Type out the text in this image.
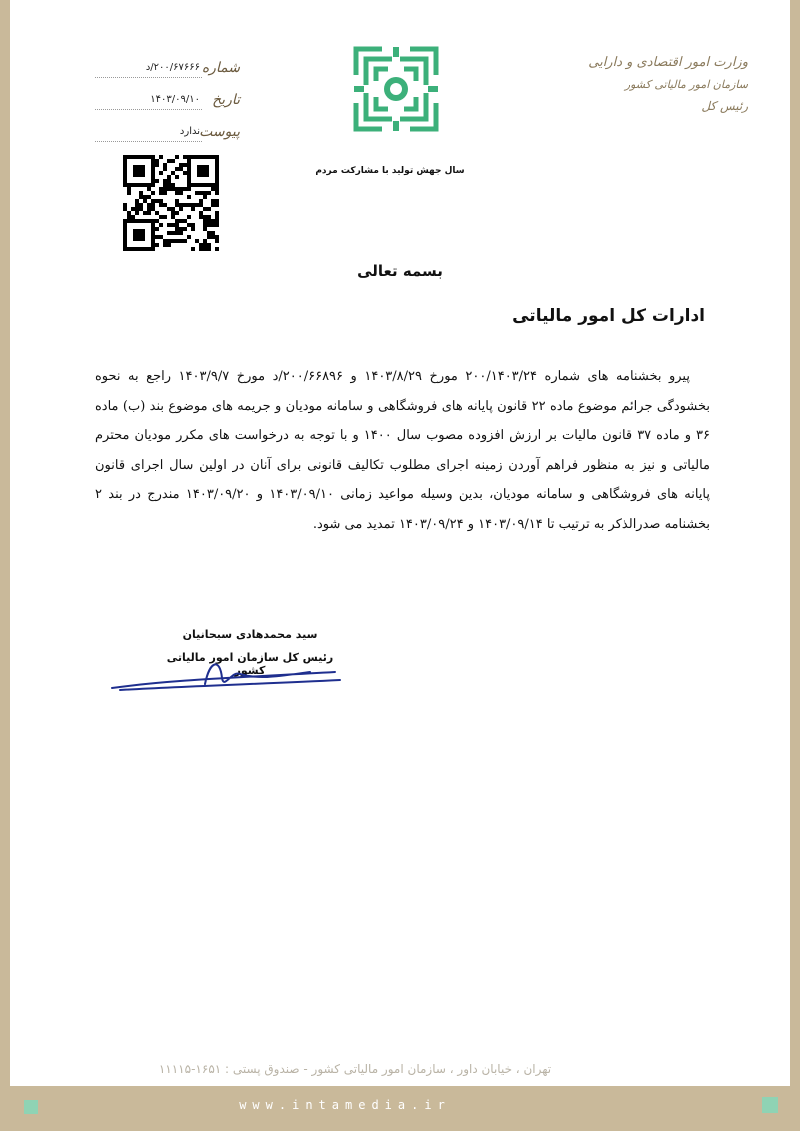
شماره
۲۰۰/۶۷۶۶۶/د
تاریخ
۱۴۰۳/۰۹/۱۰
پیوست
ندارد
سال جهش تولید با مشارکت مردم
وزارت امور اقتصادی و دارایی
سازمان امور مالیاتی کشور
رئیس کل
بسمه تعالی
ادارات کل امور مالیاتی

پیرو بخشنامه های شماره ۲۰۰/۱۴۰۳/۲۴ مورخ ۱۴۰۳/۸/۲۹ و ۲۰۰/۶۶۸۹۶/د مورخ ۱۴۰۳/۹/۷ راجع به نحوه بخشودگی جرائم موضوع ماده ۲۲ قانون پایانه های فروشگاهی و سامانه مودیان و جریمه های موضوع بند (ب) ماده ۳۶ و ماده ۳۷ قانون مالیات بر ارزش افزوده مصوب سال ۱۴۰۰ و با توجه به درخواست های مکرر مودیان محترم مالیاتی و نیز به منظور فراهم آوردن زمینه اجرای مطلوب تکالیف قانونی برای آنان در اولین سال اجرای قانون پایانه های فروشگاهی و سامانه مودیان، بدین وسیله مواعید زمانی ۱۴۰۳/۰۹/۱۰ و ۱۴۰۳/۰۹/۲۰ مندرج در بند ۲ بخشنامه صدرالذکر به ترتیب تا ۱۴۰۳/۰۹/۱۴ و ۱۴۰۳/۰۹/۲۴ تمدید می شود.

سید محمدهادی سبحانیان
رئیس کل سازمان امور مالیاتی کشور
تهران ، خیابان داور ، سازمان امور مالیاتی کشور - صندوق پستی : ۱۶۵۱-۱۱۱۱۵
www.intamedia.ir
